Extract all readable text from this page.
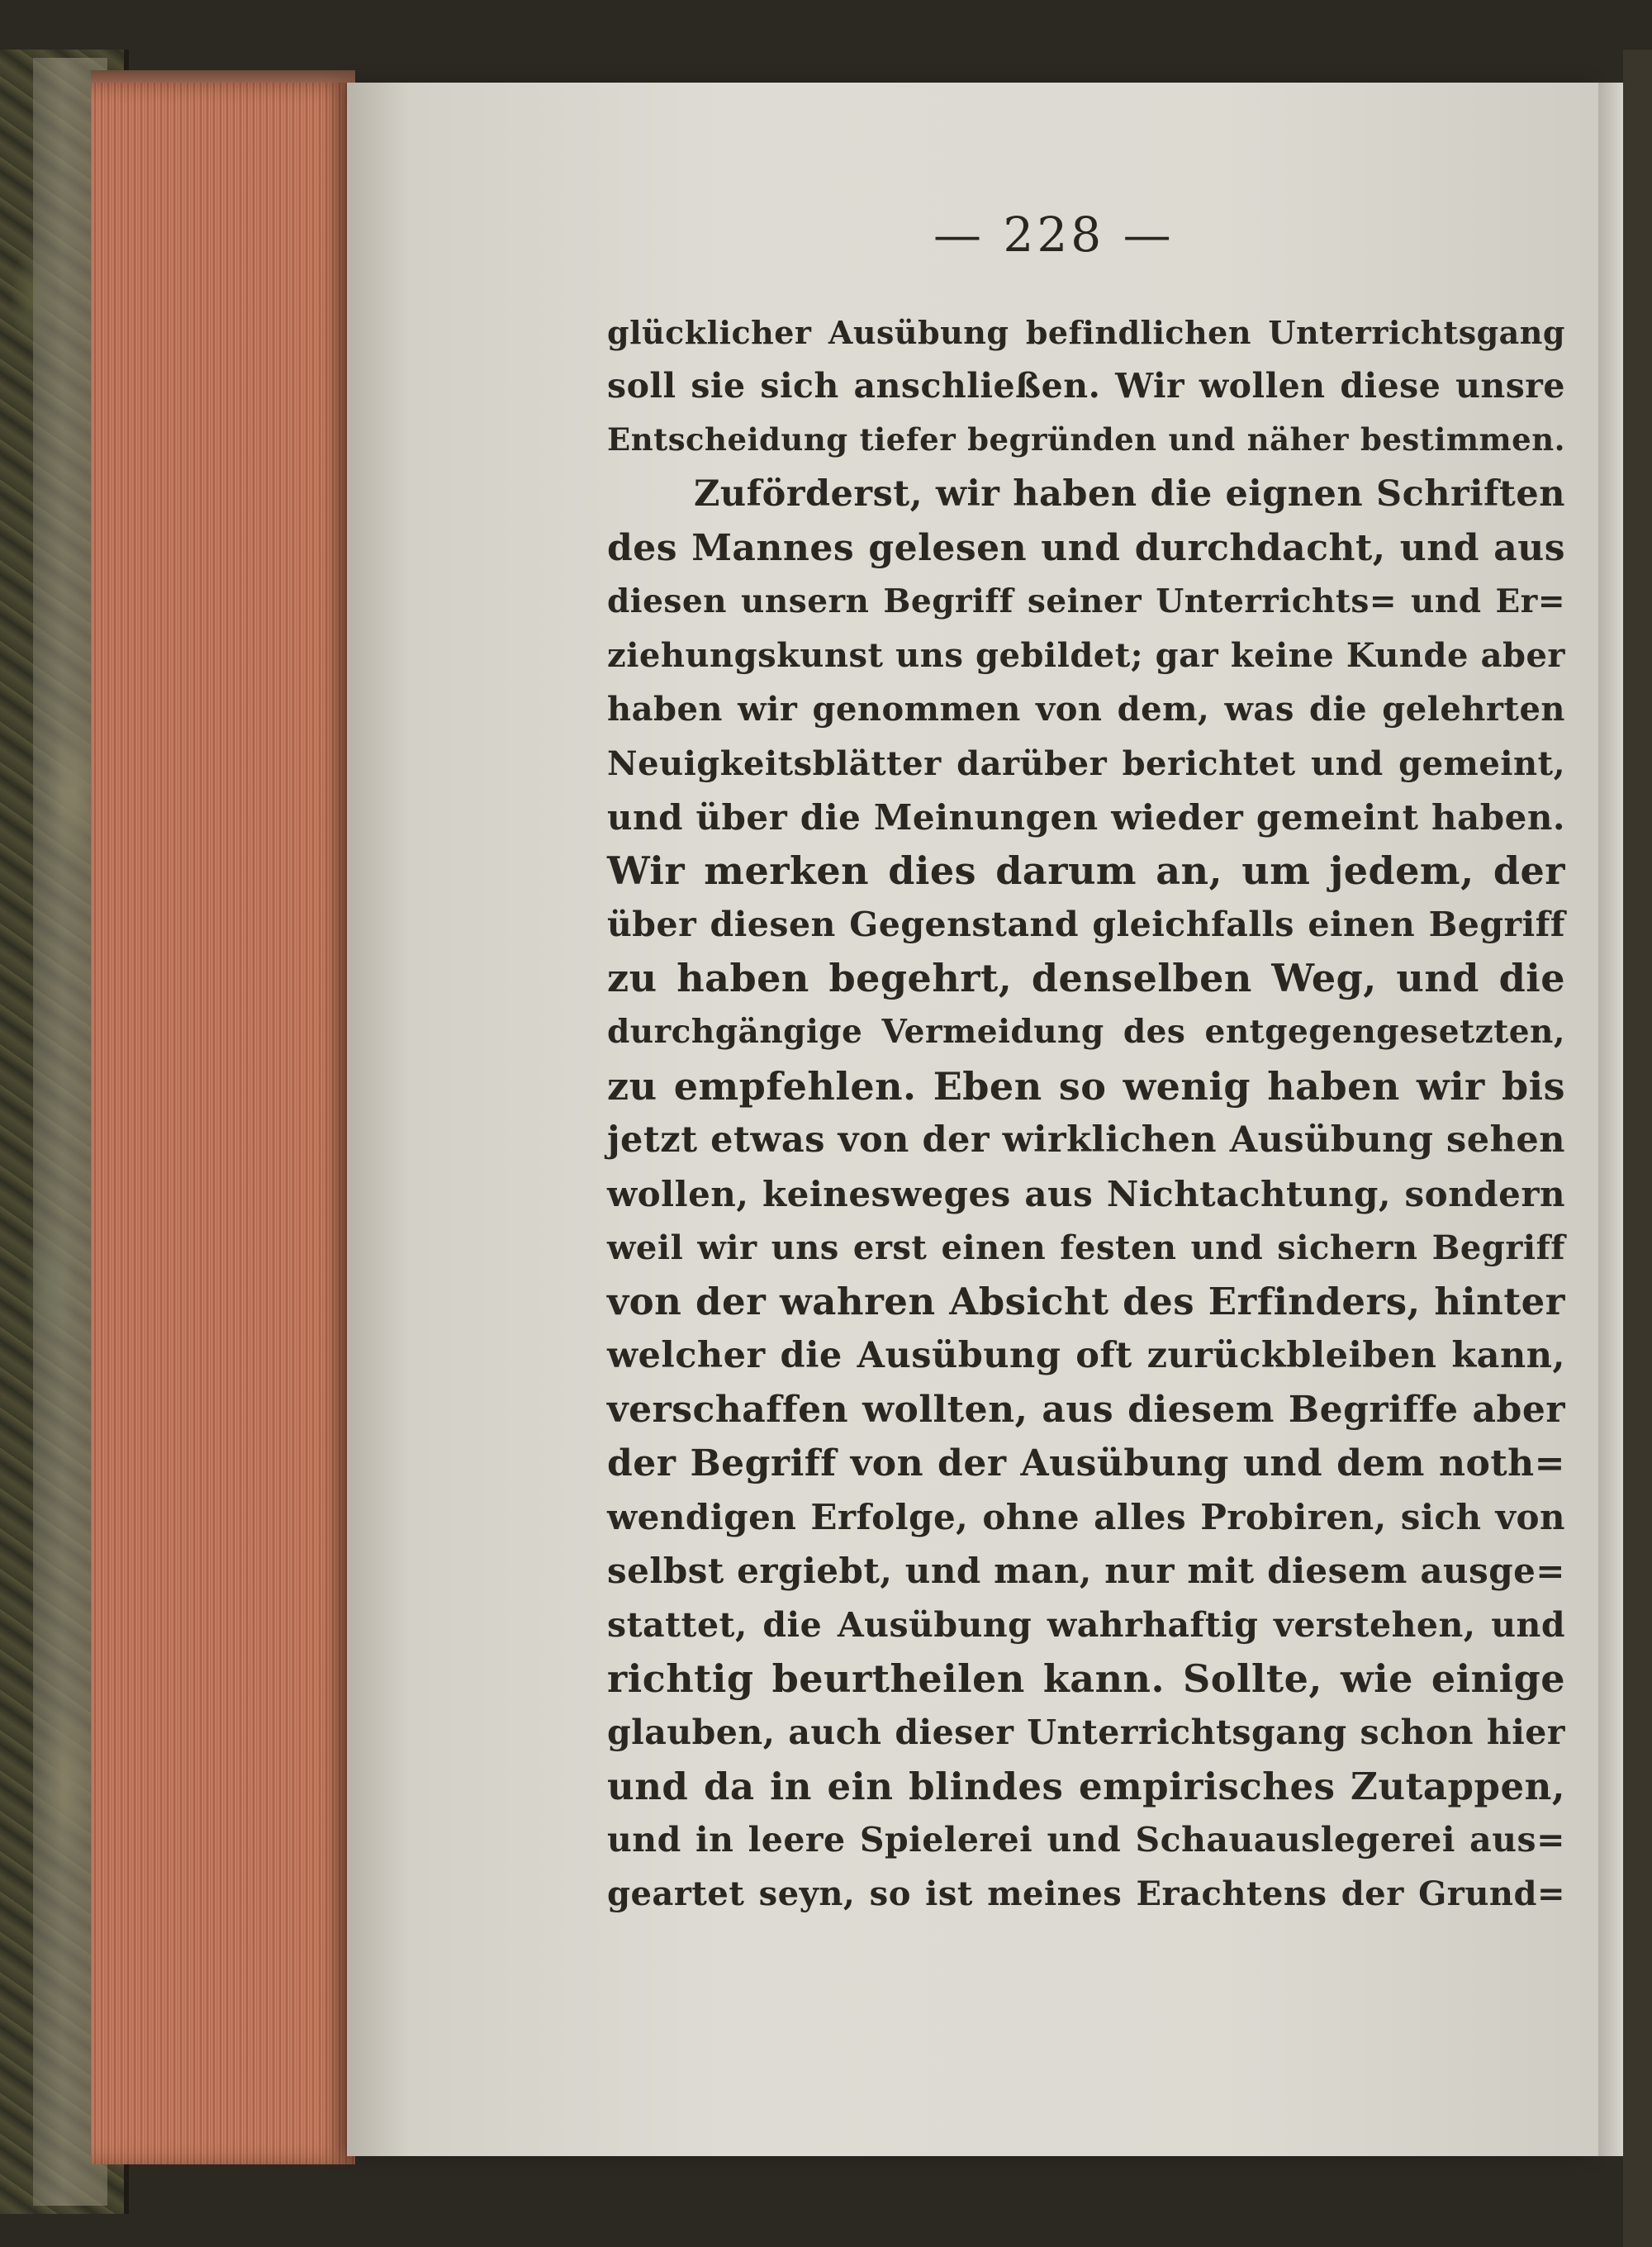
— 228 —
glücklicher Ausübung befindlichen Unterrichtsgang
soll sie sich anschließen. Wir wollen diese unsre
Entscheidung tiefer begründen und näher bestimmen.
Zuförderst, wir haben die eignen Schriften
des Mannes gelesen und durchdacht, und aus
diesen unsern Begriff seiner Unterrichts= und Er=
ziehungskunst uns gebildet; gar keine Kunde aber
haben wir genommen von dem, was die gelehrten
Neuigkeitsblätter darüber berichtet und gemeint,
und über die Meinungen wieder gemeint haben.
Wir merken dies darum an, um jedem, der
über diesen Gegenstand gleichfalls einen Begriff
zu haben begehrt, denselben Weg, und die
durchgängige Vermeidung des entgegengesetzten,
zu empfehlen. Eben so wenig haben wir bis
jetzt etwas von der wirklichen Ausübung sehen
wollen, keinesweges aus Nichtachtung, sondern
weil wir uns erst einen festen und sichern Begriff
von der wahren Absicht des Erfinders, hinter
welcher die Ausübung oft zurückbleiben kann,
verschaffen wollten, aus diesem Begriffe aber
der Begriff von der Ausübung und dem noth=
wendigen Erfolge, ohne alles Probiren, sich von
selbst ergiebt, und man, nur mit diesem ausge=
stattet, die Ausübung wahrhaftig verstehen, und
richtig beurtheilen kann. Sollte, wie einige
glauben, auch dieser Unterrichtsgang schon hier
und da in ein blindes empirisches Zutappen,
und in leere Spielerei und Schauauslegerei aus=
geartet seyn, so ist meines Erachtens der Grund=
